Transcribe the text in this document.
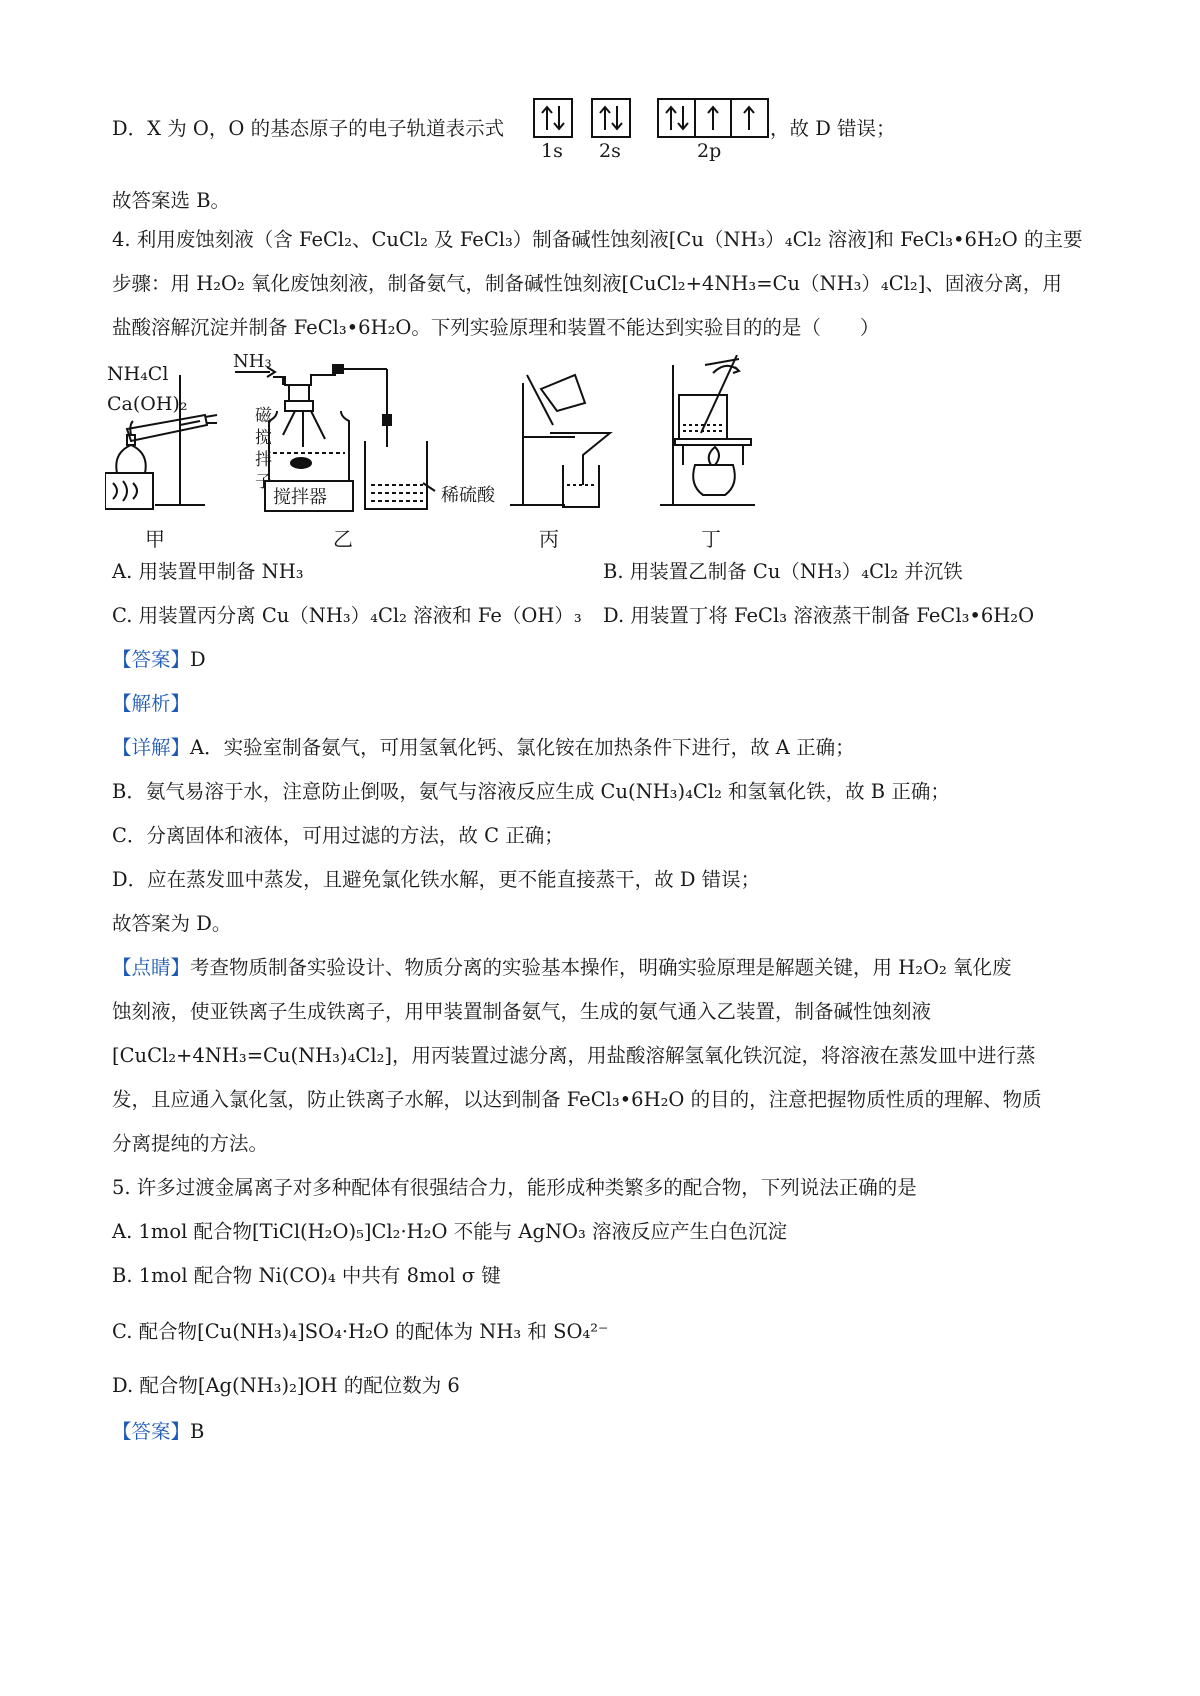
D．X 为 O，O 的基态原子的电子轨道表示式
1s 2s	2p
，故 D 错误；
故答案选 B。
4. 利用废蚀刻液（含 FeCl₂、CuCl₂ 及 FeCl₃）制备碱性蚀刻液[Cu（NH₃）₄Cl₂ 溶液]和 FeCl₃•6H₂O 的主要
步骤：用 H₂O₂ 氧化废蚀刻液，制备氨气，制备碱性蚀刻液[CuCl₂+4NH₃=Cu（NH₃）₄Cl₂]、固液分离，用
盐酸溶解沉淀并制备 FeCl₃•6H₂O。下列实验原理和装置不能达到实验目的的是（　　）
NH₄Cl
Ca(OH)₂
NH₃
磁
搅
拌
子
搅拌器	稀硫酸
甲	乙	丙	丁
A. 用装置甲制备 NH₃	B. 用装置乙制备 Cu（NH₃）₄Cl₂ 并沉铁
C. 用装置丙分离 Cu（NH₃）₄Cl₂ 溶液和 Fe（OH）₃ D. 用装置丁将 FeCl₃ 溶液蒸干制备 FeCl₃•6H₂O
【答案】D
【解析】
【详解】A．实验室制备氨气，可用氢氧化钙、氯化铵在加热条件下进行，故 A 正确；
B．氨气易溶于水，注意防止倒吸，氨气与溶液反应生成 Cu(NH₃)₄Cl₂ 和氢氧化铁，故 B 正确；
C．分离固体和液体，可用过滤的方法，故 C 正确；
D．应在蒸发皿中蒸发，且避免氯化铁水解，更不能直接蒸干，故 D 错误；
故答案为 D。
【点睛】考查物质制备实验设计、物质分离的实验基本操作，明确实验原理是解题关键，用 H₂O₂ 氧化废
蚀刻液，使亚铁离子生成铁离子，用甲装置制备氨气，生成的氨气通入乙装置，制备碱性蚀刻液
[CuCl₂+4NH₃=Cu(NH₃)₄Cl₂]，用丙装置过滤分离，用盐酸溶解氢氧化铁沉淀，将溶液在蒸发皿中进行蒸
发，且应通入氯化氢，防止铁离子水解，以达到制备 FeCl₃•6H₂O 的目的，注意把握物质性质的理解、物质
分离提纯的方法。
5. 许多过渡金属离子对多种配体有很强结合力，能形成种类繁多的配合物，下列说法正确的是
A. 1mol 配合物[TiCl(H₂O)₅]Cl₂·H₂O 不能与 AgNO₃ 溶液反应产生白色沉淀
B. 1mol 配合物 Ni(CO)₄ 中共有 8mol σ 键
C. 配合物[Cu(NH₃)₄]SO₄·H₂O 的配体为 NH₃ 和 SO₄²⁻
D. 配合物[Ag(NH₃)₂]OH 的配位数为 6
【答案】B
